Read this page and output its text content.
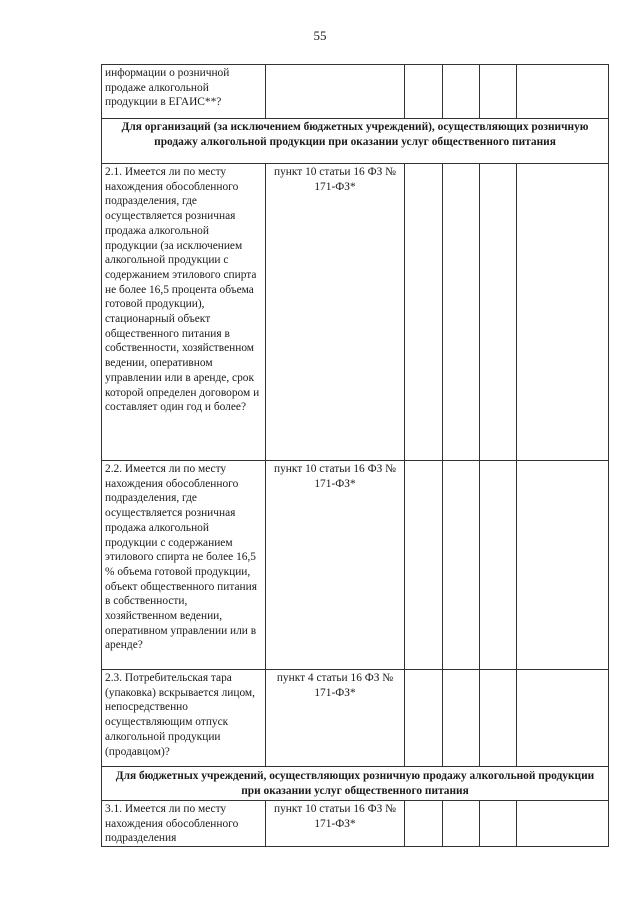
55
информации о розничной продаже алкогольной продукции в ЕГАИС**?					
Для организаций (за исключением бюджетных учреждений), осуществляющих розничную продажу алкогольной продукции при оказании услуг общественного питания					
2.1. Имеется ли по месту нахождения обособленного подразделения, где осуществляется розничная продажа алкогольной продукции (за исключением алкогольной продукции с содержанием этилового спирта не более 16,5 процента объема готовой продукции), стационарный объект общественного питания в собственности, хозяйственном ведении, оперативном управлении или в аренде, срок которой определен договором и составляет один год и более?	пункт 10 статьи 16 ФЗ № 171-ФЗ*				
2.2. Имеется ли по месту нахождения обособленного подразделения, где осуществляется розничная продажа алкогольной продукции с содержанием этилового спирта не более 16,5 % объема готовой продукции, объект общественного питания в собственности, хозяйственном ведении, оперативном управлении или в аренде?	пункт 10 статьи 16 ФЗ № 171-ФЗ*				
2.3. Потребительская тара (упаковка) вскрывается лицом, непосредственно осуществляющим отпуск алкогольной продукции (продавцом)?	пункт 4 статьи 16 ФЗ № 171-ФЗ*				
Для бюджетных учреждений, осуществляющих розничную продажу алкогольной продукции при оказании услуг общественного питания					
3.1. Имеется ли по месту нахождения обособленного подразделения	пункт 10 статьи 16 ФЗ № 171-ФЗ*				
